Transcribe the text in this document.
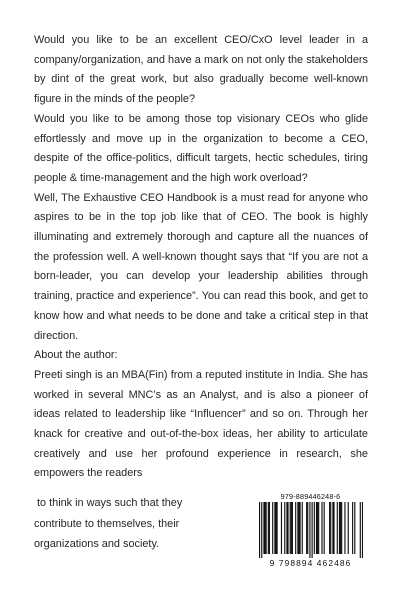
Would you like to be an excellent CEO/CxO level leader in a company/organization, and have a mark on not only the stakeholders by dint of the great work, but also gradually become well-known figure in the minds of the people?

Would you like to be among those top visionary CEOs who glide effortlessly and move up in the organization to become a CEO, despite of the office-politics, difficult targets, hectic schedules, tiring people & time-management and the high work overload?

Well, The Exhaustive CEO Handbook is a must read for anyone who aspires to be in the top job like that of CEO. The book is highly illuminating and extremely thorough and capture all the nuances of the profession well. A well-known thought says that “If you are not a born-leader, you can develop your leadership abilities through training, practice and experience”. You can read this book, and get to know how and what needs to be done and take a critical step in that direction.

About the author:

Preeti singh is an MBA(Fin) from a reputed institute in India. She has worked in several MNC’s as an Analyst, and is also a pioneer of ideas related to leadership like “Influencer” and so on. Through her knack for creative and out-of-the-box ideas, her ability to articulate creatively and use her profound experience in research, she empowers the readers

to think in ways such that they
contribute to themselves, their
organizations and society.
979-889446248-6
9 798894 462486
